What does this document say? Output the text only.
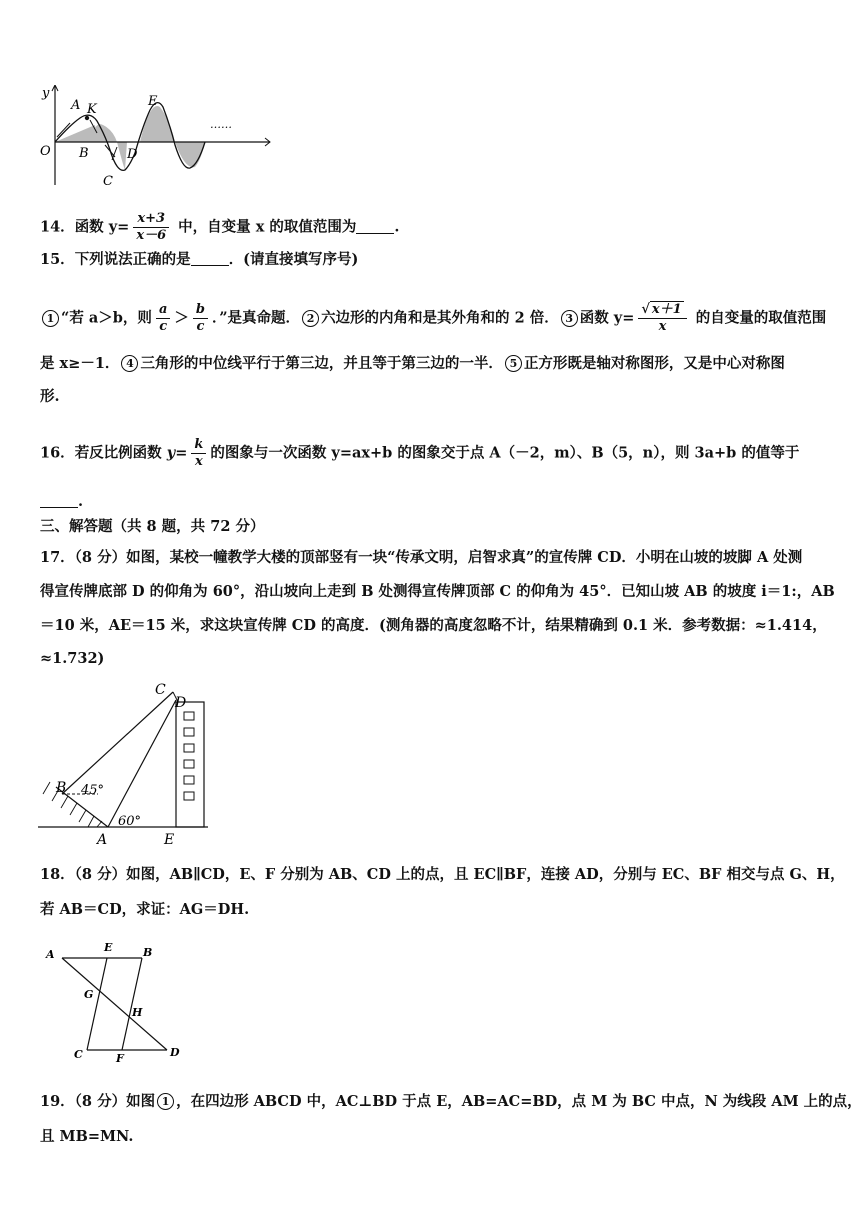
y
O
A K
B
C
D
E
……
14．函数 $y= \frac{x+3}{x-6}$ 中，自变量 x 的取值范围为	.
15．下列说法正确的是	．(请直接填写序号)
1 “若 a＞b，则 $\frac{a}{c} > \frac{b}{c}$ ．”是真命题． 2 六边形的内角和是其外角和的 2 倍． 3 函数 $y= \frac{√ x+1}{x}$ 的自变量的取值范围
是 x≥－1． 4 三角形的中位线平行于第三边，并且等于第三边的一半． 5 正方形既是轴对称图形，又是中心对称图
形.
16．若反比例函数 $y= \frac{k}{x}$ 的图象与一次函数 y=ax+b 的图象交于点 A（－2，m）、B（5，n），则 3a+b 的值等于
.
三、解答题（共 8 题，共 72 分）
17．（8 分）如图，某校一幢教学大楼的顶部竖有一块“传承文明，启智求真”的宣传牌 CD．小明在山坡的坡脚 A 处测
得宣传牌底部 D 的仰角为 60°，沿山坡向上走到 B 处测得宣传牌顶部 C 的仰角为 45°．已知山坡 AB 的坡度 i＝1:，AB
＝10 米，AE＝15 米，求这块宣传牌 CD 的高度．(测角器的高度忽略不计，结果精确到 0.1 米．参考数据：≈1.414，
≈1.732)
C
D
B 45°
60°
A	E
18．（8 分）如图，AB∥CD，E、F 分别为 AB、CD 上的点，且 EC∥BF，连接 AD，分别与 EC、BF 相交与点 G、H，
若 AB＝CD，求证：AG＝DH.
A
E	B
G
H
C	F	D
19．（8 分）如图 1 ，在四边形 ABCD 中，AC⊥BD 于点 E，AB=AC=BD，点 M 为 BC 中点，N 为线段 AM 上的点，
且 MB=MN.
